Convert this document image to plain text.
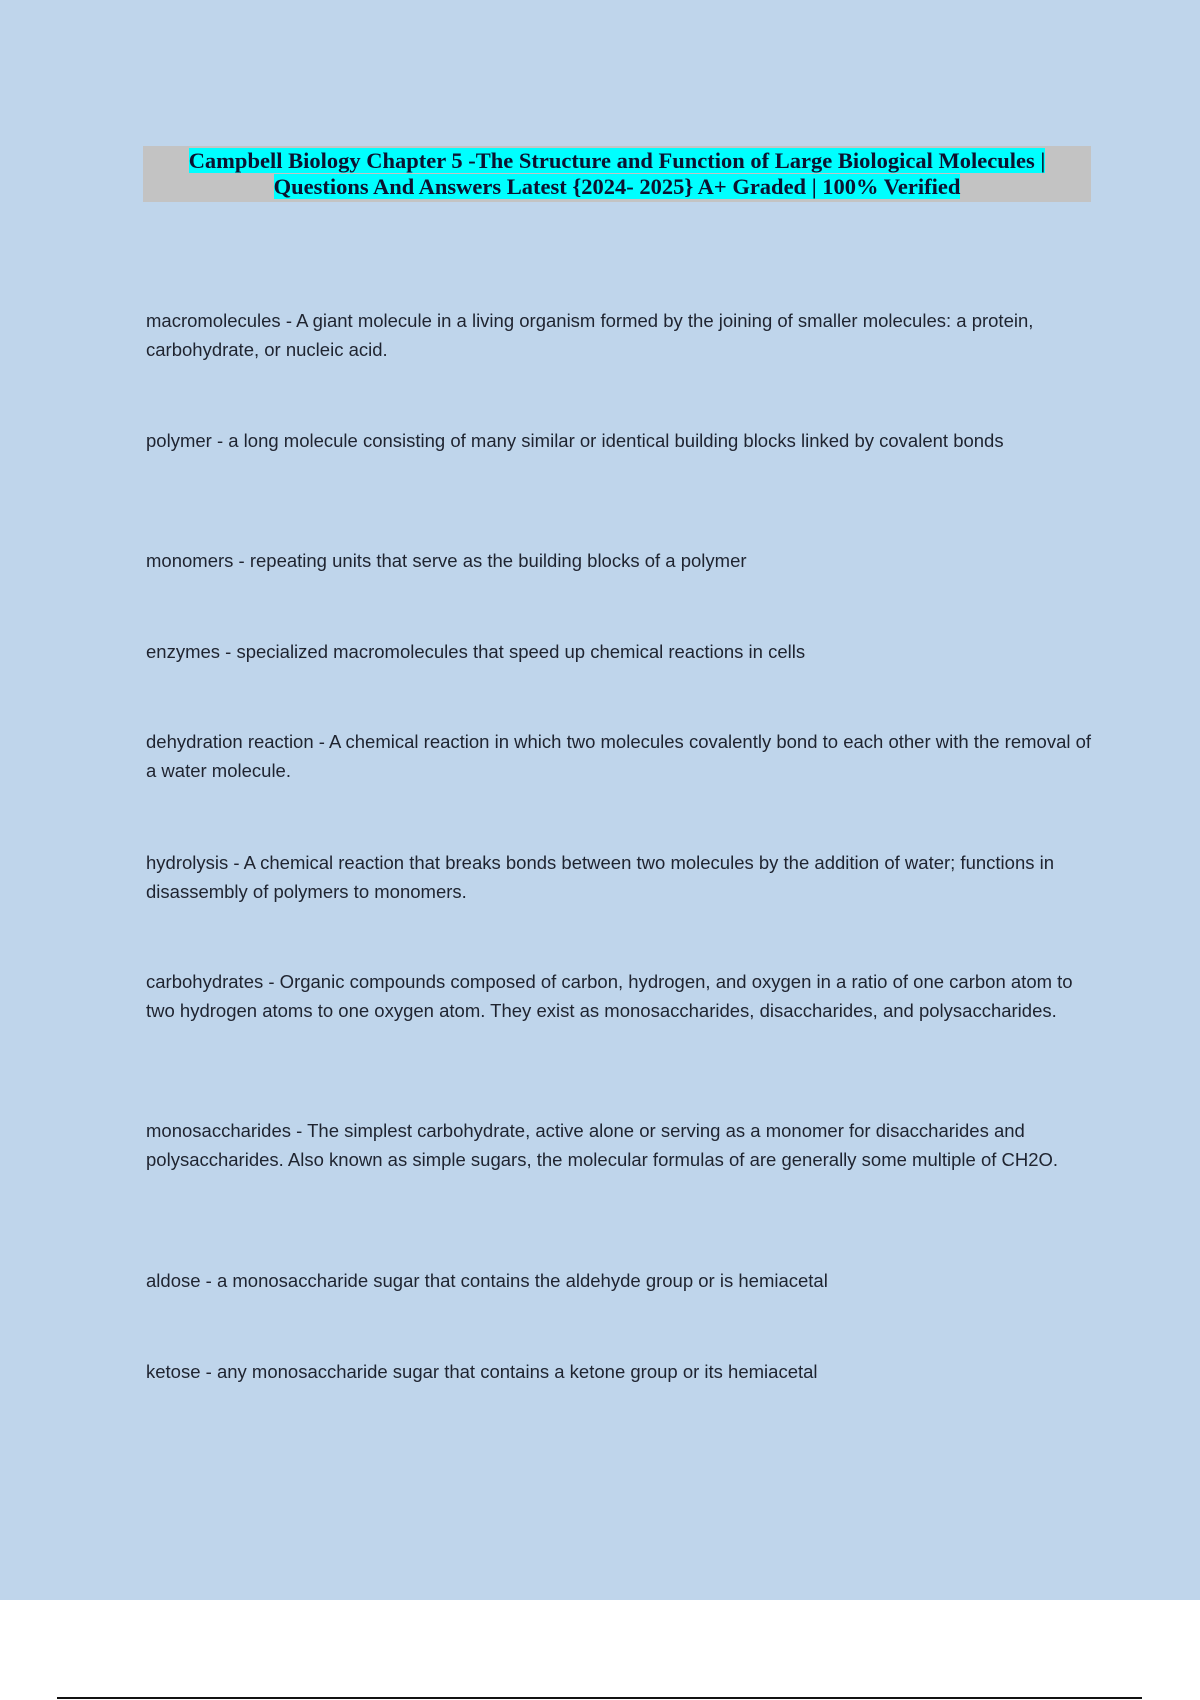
Campbell Biology Chapter 5 -The Structure and Function of Large Biological Molecules |
Questions And Answers Latest {2024- 2025} A+ Graded | 100% Verified

macromolecules - A giant molecule in a living organism formed by the joining of smaller molecules: a protein, carbohydrate, or nucleic acid.

polymer - a long molecule consisting of many similar or identical building blocks linked by covalent bonds

monomers - repeating units that serve as the building blocks of a polymer

enzymes - specialized macromolecules that speed up chemical reactions in cells

dehydration reaction - A chemical reaction in which two molecules covalently bond to each other with the removal of a water molecule.

hydrolysis - A chemical reaction that breaks bonds between two molecules by the addition of water; functions in disassembly of polymers to monomers.

carbohydrates - Organic compounds composed of carbon, hydrogen, and oxygen in a ratio of one carbon atom to two hydrogen atoms to one oxygen atom. They exist as monosaccharides, disaccharides, and polysaccharides.

monosaccharides - The simplest carbohydrate, active alone or serving as a monomer for disaccharides and polysaccharides. Also known as simple sugars, the molecular formulas of are generally some multiple of CH2O.

aldose - a monosaccharide sugar that contains the aldehyde group or is hemiacetal

ketose - any monosaccharide sugar that contains a ketone group or its hemiacetal
